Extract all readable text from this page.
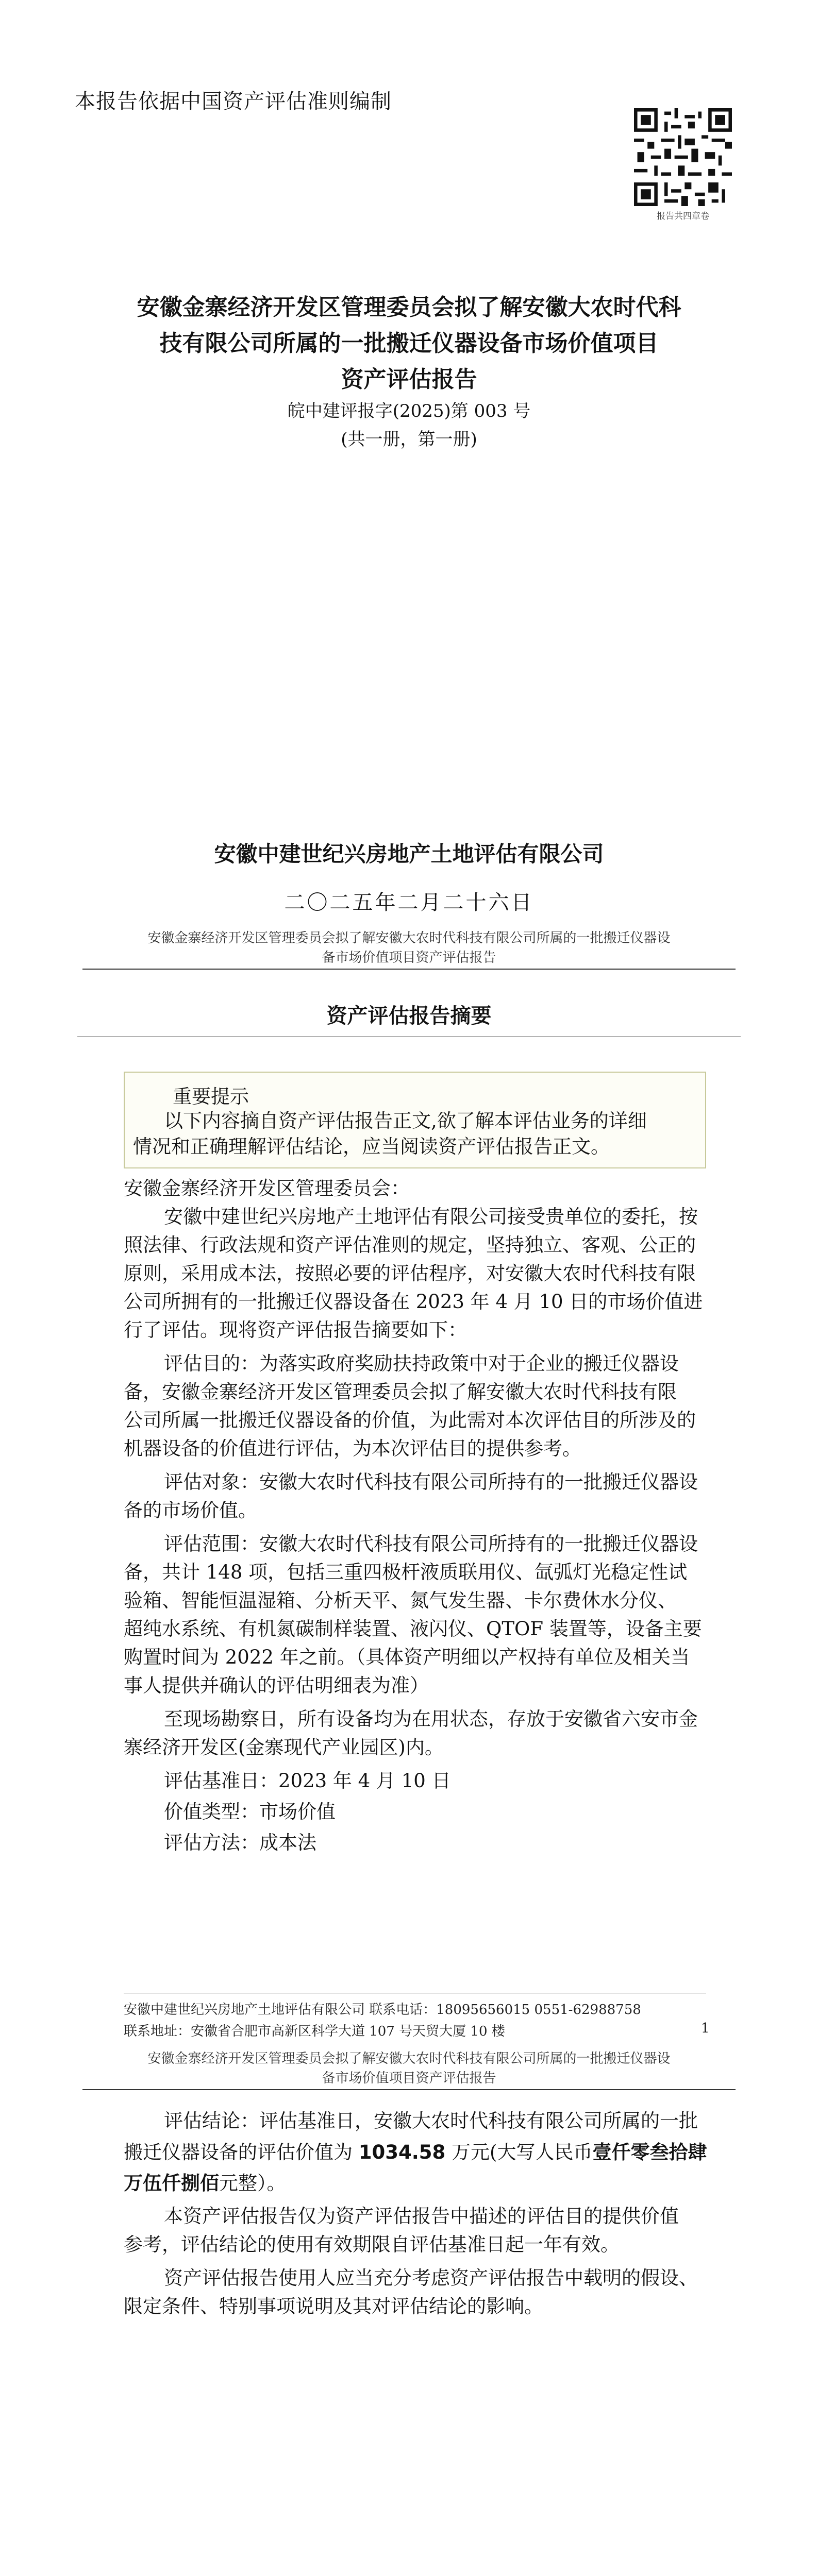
本报告依据中国资产评估准则编制
报告共四章卷
安徽金寨经济开发区管理委员会拟了解安徽大农时代科
技有限公司所属的一批搬迁仪器设备市场价值项目
资产评估报告
皖中建评报字(2025)第 003 号
(共一册，第一册)
安徽中建世纪兴房地产土地评估有限公司
二〇二五年二月二十六日
安徽金寨经济开发区管理委员会拟了解安徽大农时代科技有限公司所属的一批搬迁仪器设
备市场价值项目资产评估报告
资产评估报告摘要
重要提示
以下内容摘自资产评估报告正文,欲了解本评估业务的详细
情况和正确理解评估结论，应当阅读资产评估报告正文。
安徽金寨经济开发区管理委员会：
安徽中建世纪兴房地产土地评估有限公司接受贵单位的委托，按
照法律、行政法规和资产评估准则的规定，坚持独立、客观、公正的
原则，采用成本法，按照必要的评估程序，对安徽大农时代科技有限
公司所拥有的一批搬迁仪器设备在 2023 年 4 月 10 日的市场价值进
行了评估。现将资产评估报告摘要如下：
评估目的：为落实政府奖励扶持政策中对于企业的搬迁仪器设
备，安徽金寨经济开发区管理委员会拟了解安徽大农时代科技有限
公司所属一批搬迁仪器设备的价值，为此需对本次评估目的所涉及的
机器设备的价值进行评估，为本次评估目的提供参考。
评估对象：安徽大农时代科技有限公司所持有的一批搬迁仪器设
备的市场价值。
评估范围：安徽大农时代科技有限公司所持有的一批搬迁仪器设
备，共计 148 项，包括三重四极杆液质联用仪、氙弧灯光稳定性试
验箱、智能恒温湿箱、分析天平、氮气发生器、卡尔费休水分仪、
超纯水系统、有机氮碳制样装置、液闪仪、QTOF 装置等，设备主要
购置时间为 2022 年之前。（具体资产明细以产权持有单位及相关当
事人提供并确认的评估明细表为准）
至现场勘察日，所有设备均为在用状态，存放于安徽省六安市金
寨经济开发区(金寨现代产业园区)内。
评估基准日：2023 年 4 月 10 日
价值类型：市场价值
评估方法：成本法
安徽中建世纪兴房地产土地评估有限公司 联系电话：18095656015 0551-62988758
联系地址：安徽省合肥市高新区科学大道 107 号天贸大厦 10 楼	1
安徽金寨经济开发区管理委员会拟了解安徽大农时代科技有限公司所属的一批搬迁仪器设
备市场价值项目资产评估报告
评估结论：评估基准日，安徽大农时代科技有限公司所属的一批
搬迁仪器设备的评估价值为 1034.58 万元(大写人民币壹仟零叁拾肆
万伍仟捌佰元整）。
本资产评估报告仅为资产评估报告中描述的评估目的提供价值
参考，评估结论的使用有效期限自评估基准日起一年有效。
资产评估报告使用人应当充分考虑资产评估报告中载明的假设、
限定条件、特别事项说明及其对评估结论的影响。
